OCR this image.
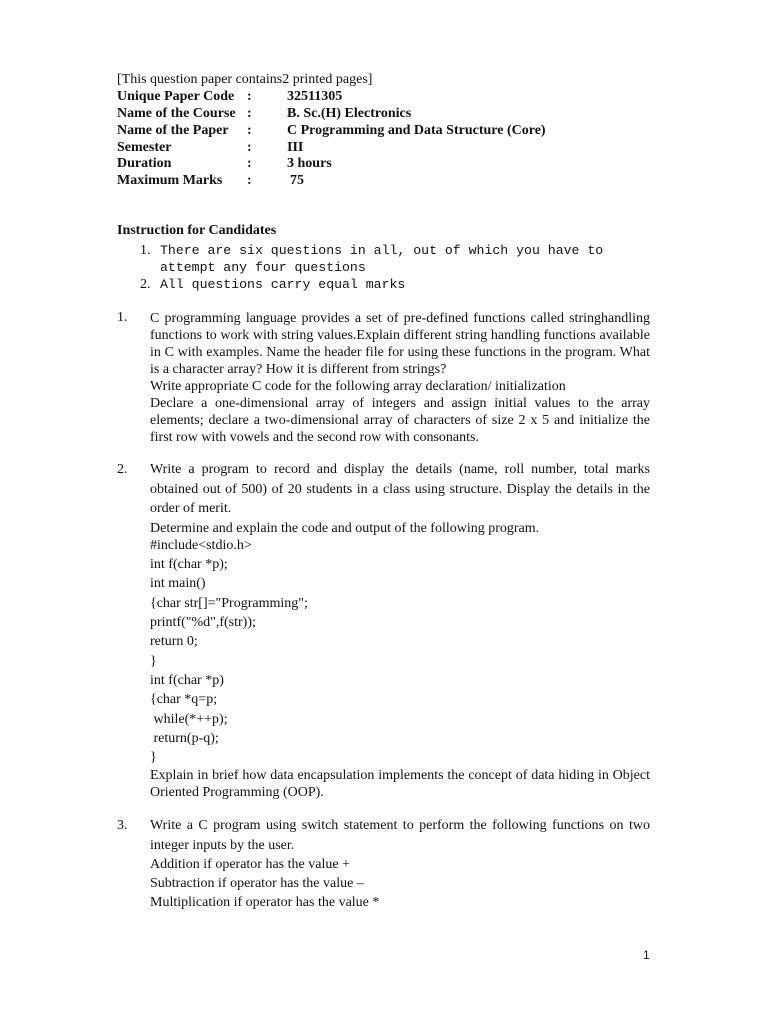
[This question paper contains2 printed pages]
Unique Paper Code :	32511305
Name of the Course :	B. Sc.(H) Electronics
Name of the Paper :	C Programming and Data Structure (Core)
Semester	:	III
Duration	:	3 hours
Maximum Marks :	75
Instruction for Candidates
1. There are six questions in all, out of which you have to
attempt any four questions
2. All questions carry equal marks
1. C programming language provides a set of pre-defined functions called stringhandling functions to work with string values.Explain different string handling functions available in C with examples. Name the header file for using these functions in the program. What is a character array? How it is different from strings?

Write appropriate C code for the following array declaration/ initialization

Declare a one-dimensional array of integers and assign initial values to the array elements; declare a two-dimensional array of characters of size 2 x 5 and initialize the first row with vowels and the second row with consonants.

2. Write a program to record and display the details (name, roll number, total marks obtained out of 500) of 20 students in a class using structure. Display the details in the order of merit.

Determine and explain the code and output of the following program.

#include<stdio.h>
int f(char *p);
int main()
{char str[]="Programming";
printf("%d",f(str));
return 0;
}
int f(char *p)
{char *q=p;
while(*++p);
return(p-q);
}

Explain in brief how data encapsulation implements the concept of data hiding in Object Oriented Programming (OOP).

3. Write a C program using switch statement to perform the following functions on two integer inputs by the user.

Addition if operator has the value +
Subtraction if operator has the value –
Multiplication if operator has the value *
1
